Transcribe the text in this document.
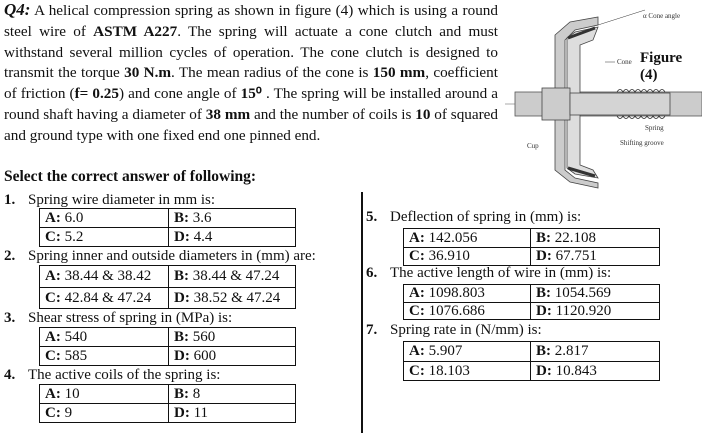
Q4: A helical compression spring as shown in figure (4) which is using a round steel wire of ASTM A227. The spring will actuate a cone clutch and must withstand several million cycles of operation. The cone clutch is designed to transmit the torque 30 N.m. The mean radius of the cone is 150 mm, coefficient of friction (f= 0.25) and cone angle of 15⁰ . The spring will be installed around a round shaft having a diameter of 38 mm and the number of coils is 10 of squared and ground type with one fixed end one pinned end.
Select the correct answer of following:
α Cone angle
Cone
Spring
Shifting groove
Cup
Figure (4)
1. Spring wire diameter in mm is:
A: 6.0	B: 3.6
C: 5.2	D: 4.4
2. Spring inner and outside diameters in (mm) are:
A: 38.44 & 38.42	B: 38.44 & 47.24
C: 42.84 & 47.24	D: 38.52 & 47.24
3. Shear stress of spring in (MPa) is:
A: 540	B: 560
C: 585	D: 600
4. The active coils of the spring is:
A: 10	B: 8
C: 9	D: 11
5. Deflection of spring in (mm) is:
A: 142.056	B: 22.108
C: 36.910	D: 67.751
6. The active length of wire in (mm) is:
A: 1098.803	B: 1054.569
C: 1076.686	D: 1120.920
7. Spring rate in (N/mm) is:
A: 5.907	B: 2.817
C: 18.103	D: 10.843
